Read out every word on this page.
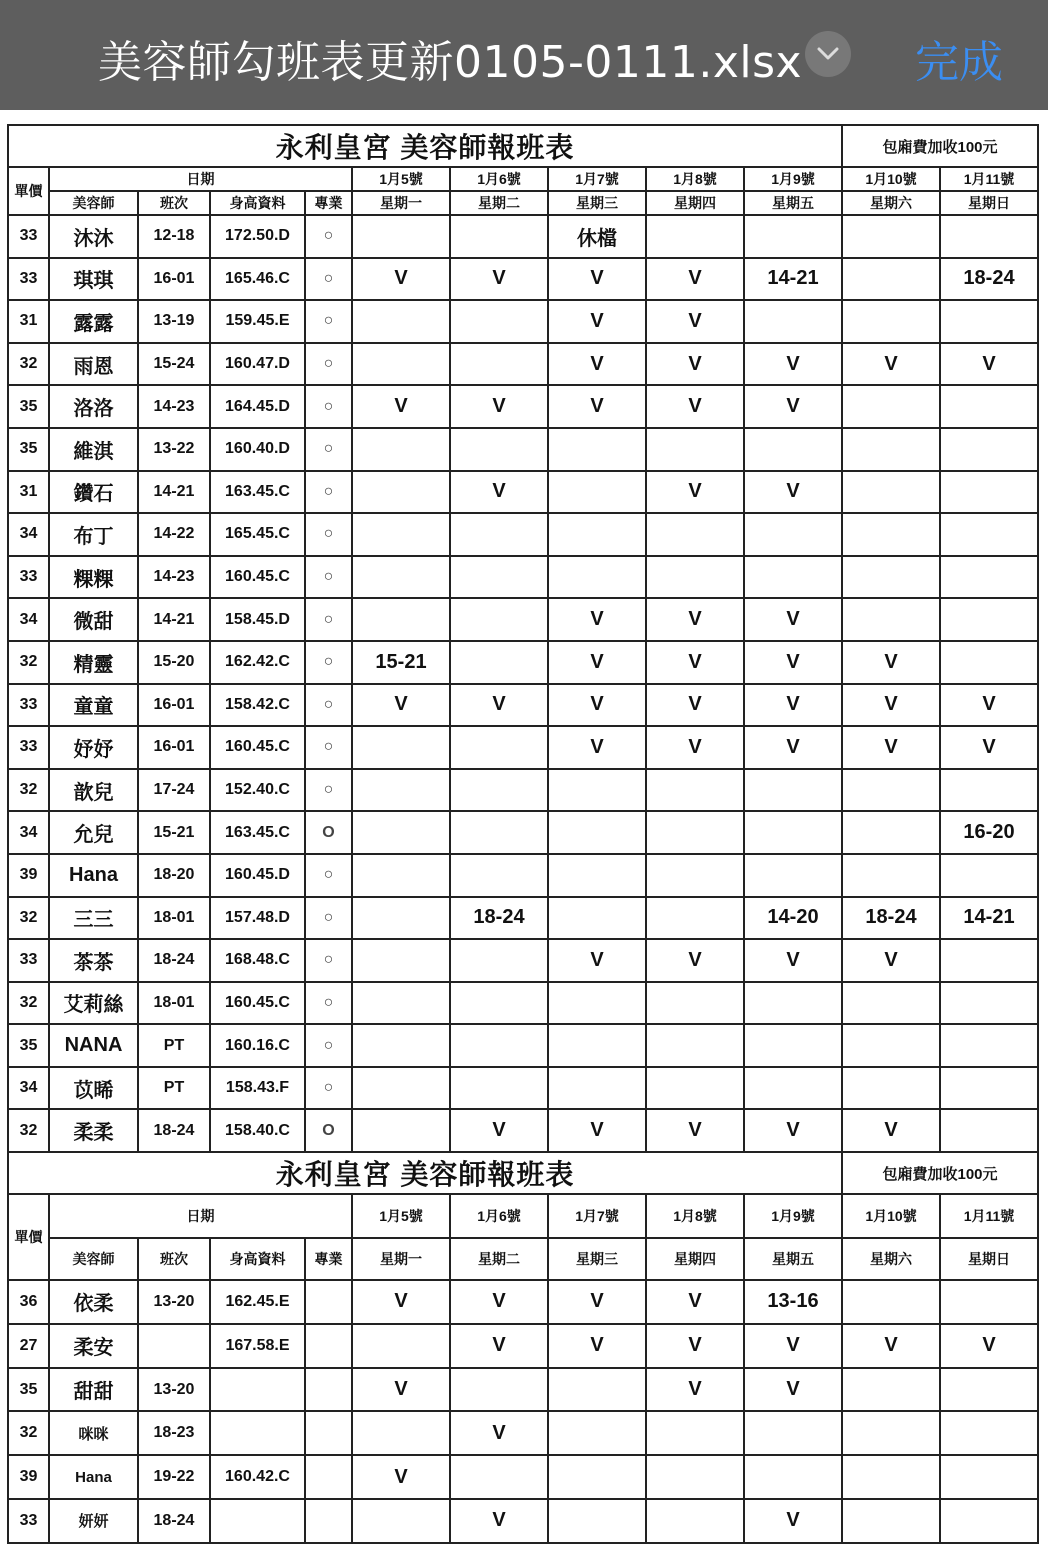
美容師勾班表更新0105-0111.xlsx	完成
永利皇宮 美容師報班表										包廂費加收100元	
單價	日期				1月5號	1月6號	1月7號	1月8號	1月9號	1月10號	1月11號
	美容師	班次	身高資料	專業	星期一	星期二	星期三	星期四	星期五	星期六	星期日
33	沐沐	12-18	172.50.D	○			休檔				
33	琪琪	16-01	165.46.C	○	V	V	V	V	14-21		18-24
31	露露	13-19	159.45.E	○			V	V			
32	雨恩	15-24	160.47.D	○			V	V	V	V	V
35	洛洛	14-23	164.45.D	○	V	V	V	V	V		
35	維淇	13-22	160.40.D	○							
31	鑽石	14-21	163.45.C	○		V		V	V		
34	布丁	14-22	165.45.C	○							
33	粿粿	14-23	160.45.C	○							
34	微甜	14-21	158.45.D	○			V	V	V		
32	精靈	15-20	162.42.C	○	15-21		V	V	V	V	
33	童童	16-01	158.42.C	○	V	V	V	V	V	V	V
33	妤妤	16-01	160.45.C	○			V	V	V	V	V
32	歆兒	17-24	152.40.C	○							
34	允兒	15-21	163.45.C	O							16-20
39	Hana	18-20	160.45.D	○							
32	三三	18-01	157.48.D	○		18-24			14-20	18-24	14-21
33	茶茶	18-24	168.48.C	○			V	V	V	V	
32	艾莉絲	18-01	160.45.C	○							
35	NANA	PT	160.16.C	○							
34	苡晞	PT	158.43.F	○							
32	柔柔	18-24	158.40.C	O		V	V	V	V	V	
永利皇宮 美容師報班表										包廂費加收100元	
單價	日期				1月5號	1月6號	1月7號	1月8號	1月9號	1月10號	1月11號
	美容師	班次	身高資料	專業	星期一	星期二	星期三	星期四	星期五	星期六	星期日
36	依柔	13-20	162.45.E		V	V	V	V	13-16		
27	柔安		167.58.E			V	V	V	V	V	V
35	甜甜	13-20			V			V	V		
32	咪咪	18-23				V					
39	Hana	19-22	160.42.C		V						
33	妍妍	18-24				V			V		
